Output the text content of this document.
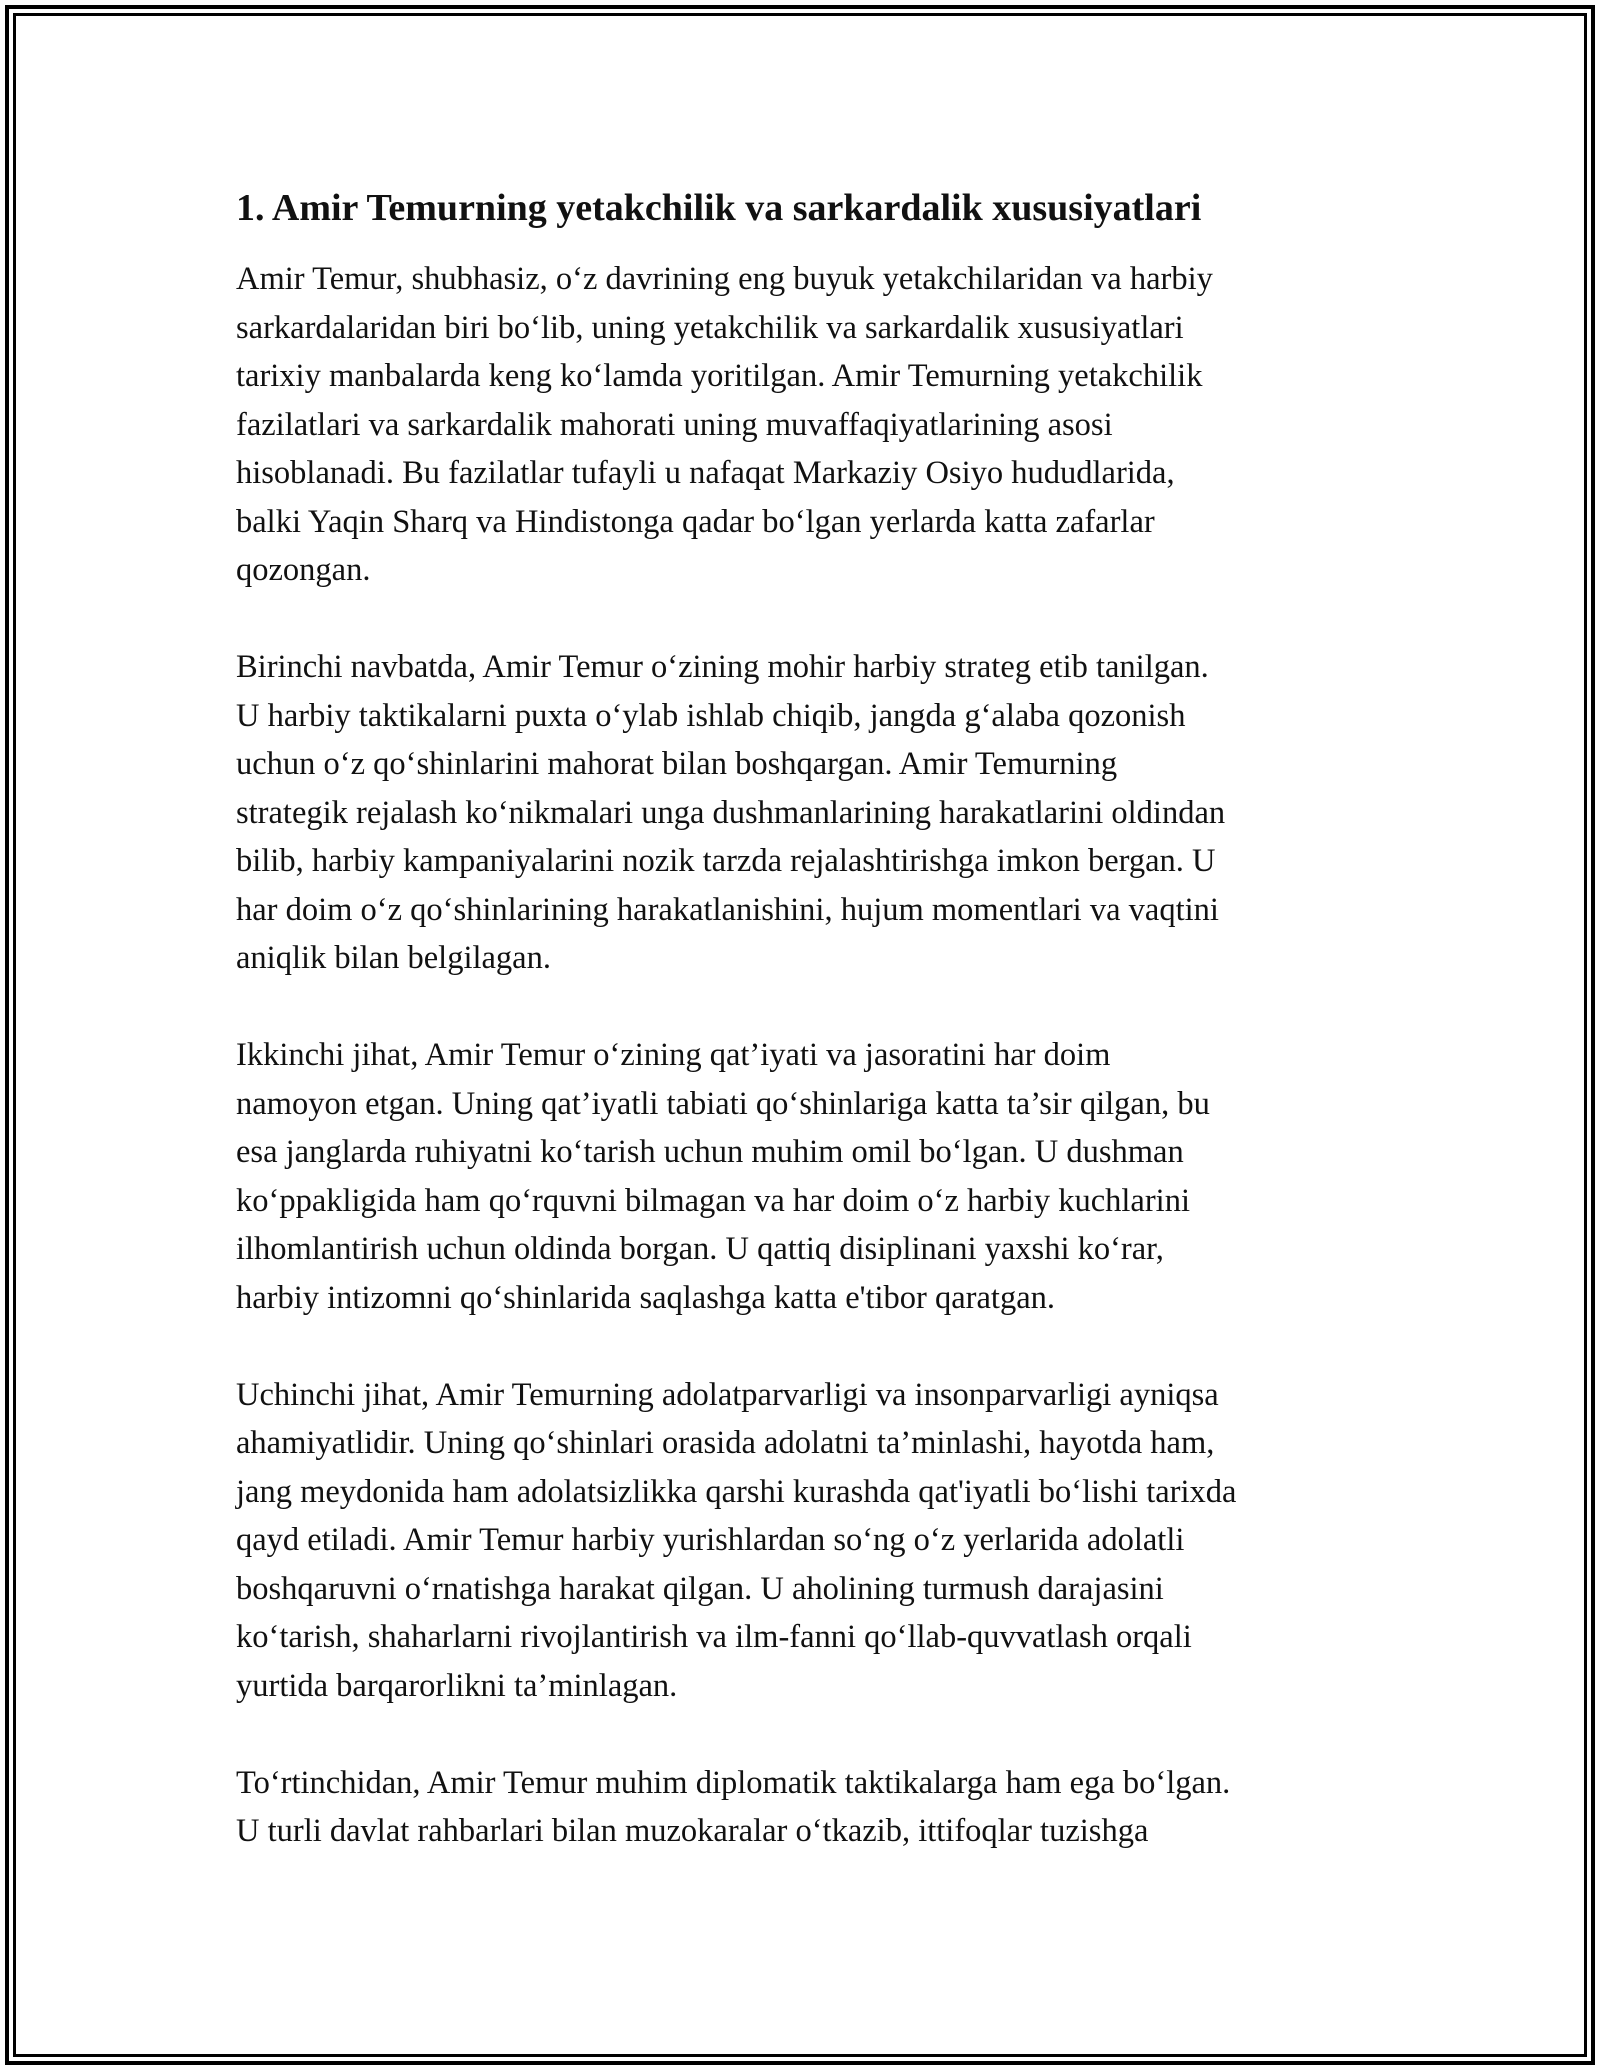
1. Amir Temurning yetakchilik va sarkardalik xususiyatlari
Amir Temur, shubhasiz, o‘z davrining eng buyuk yetakchilaridan va harbiy
sarkardalaridan biri bo‘lib, uning yetakchilik va sarkardalik xususiyatlari
tarixiy manbalarda keng ko‘lamda yoritilgan. Amir Temurning yetakchilik
fazilatlari va sarkardalik mahorati uning muvaffaqiyatlarining asosi
hisoblanadi. Bu fazilatlar tufayli u nafaqat Markaziy Osiyo hududlarida,
balki Yaqin Sharq va Hindistonga qadar bo‘lgan yerlarda katta zafarlar
qozongan.
Birinchi navbatda, Amir Temur o‘zining mohir harbiy strateg etib tanilgan.
U harbiy taktikalarni puxta o‘ylab ishlab chiqib, jangda g‘alaba qozonish
uchun o‘z qo‘shinlarini mahorat bilan boshqargan. Amir Temurning
strategik rejalash ko‘nikmalari unga dushmanlarining harakatlarini oldindan
bilib, harbiy kampaniyalarini nozik tarzda rejalashtirishga imkon bergan. U
har doim o‘z qo‘shinlarining harakatlanishini, hujum momentlari va vaqtini
aniqlik bilan belgilagan.
Ikkinchi jihat, Amir Temur o‘zining qat’iyati va jasoratini har doim
namoyon etgan. Uning qat’iyatli tabiati qo‘shinlariga katta ta’sir qilgan, bu
esa janglarda ruhiyatni ko‘tarish uchun muhim omil bo‘lgan. U dushman
ko‘ppakligida ham qo‘rquvni bilmagan va har doim o‘z harbiy kuchlarini
ilhomlantirish uchun oldinda borgan. U qattiq disiplinani yaxshi ko‘rar,
harbiy intizomni qo‘shinlarida saqlashga katta e'tibor qaratgan.
Uchinchi jihat, Amir Temurning adolatparvarligi va insonparvarligi ayniqsa
ahamiyatlidir. Uning qo‘shinlari orasida adolatni ta’minlashi, hayotda ham,
jang meydonida ham adolatsizlikka qarshi kurashda qat'iyatli bo‘lishi tarixda
qayd etiladi. Amir Temur harbiy yurishlardan so‘ng o‘z yerlarida adolatli
boshqaruvni o‘rnatishga harakat qilgan. U aholining turmush darajasini
ko‘tarish, shaharlarni rivojlantirish va ilm-fanni qo‘llab-quvvatlash orqali
yurtida barqarorlikni ta’minlagan.
To‘rtinchidan, Amir Temur muhim diplomatik taktikalarga ham ega bo‘lgan.
U turli davlat rahbarlari bilan muzokaralar o‘tkazib, ittifoqlar tuzishga
